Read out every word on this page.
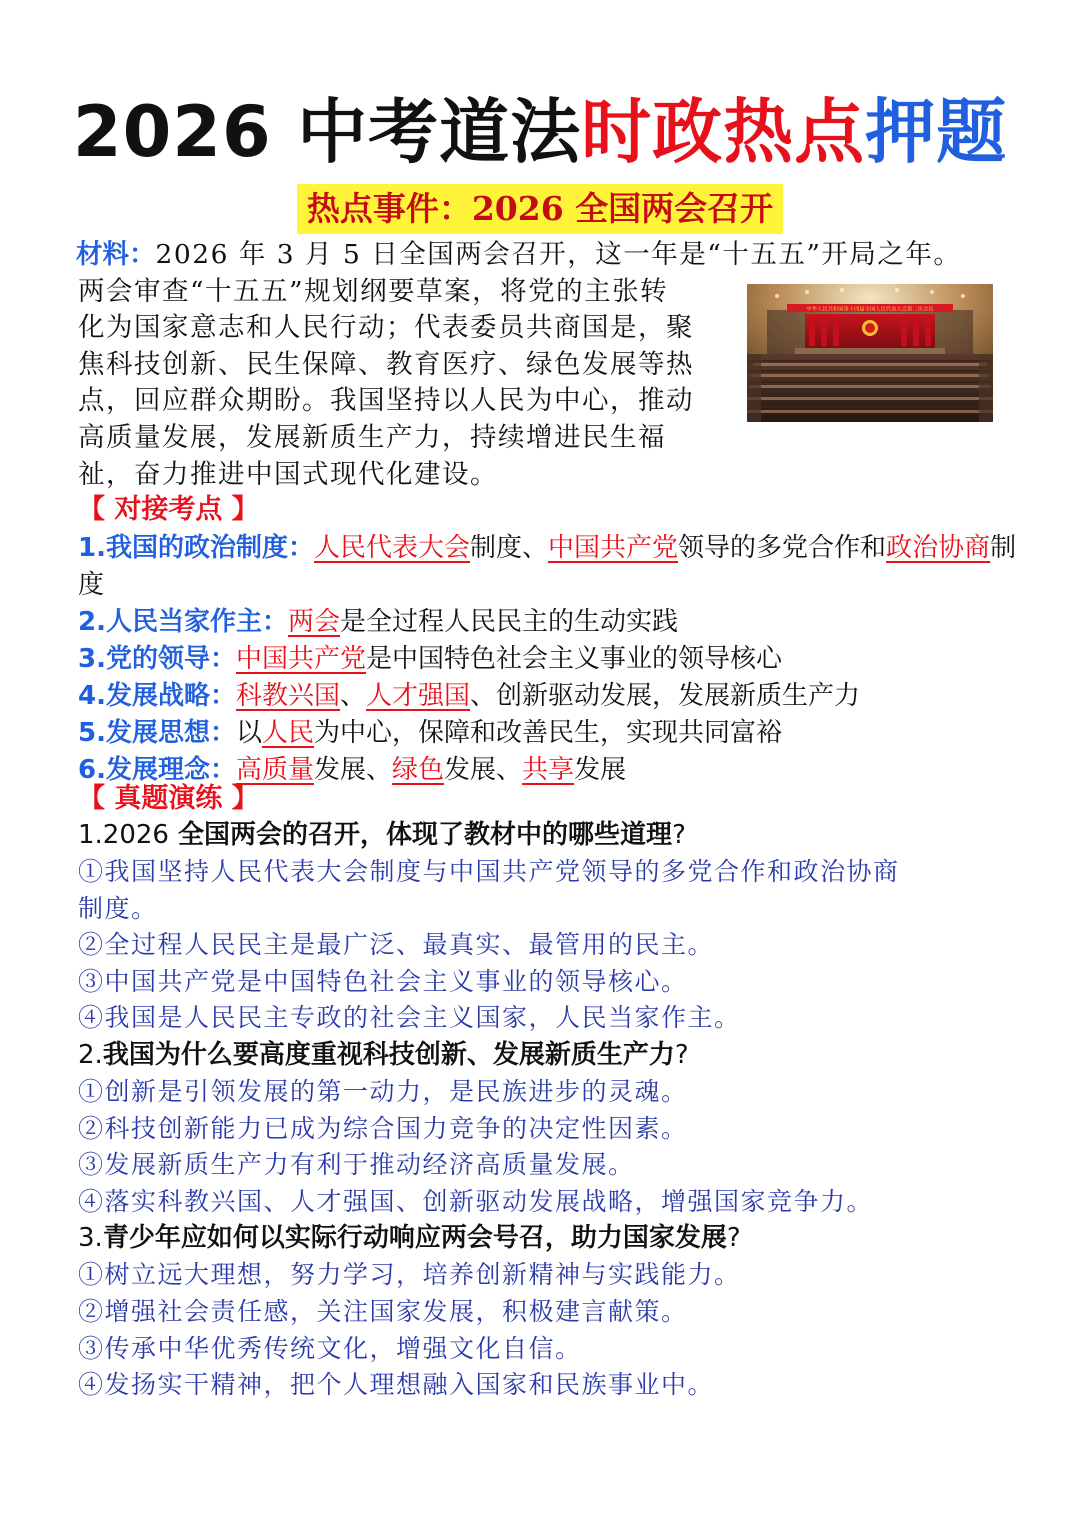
2026 中考道法时政热点押题
热点事件：2026 全国两会召开
材料：2026 年 3 月 5 日全国两会召开，这一年是“十五五”开局之年。
两会审查“十五五”规划纲要草案，将党的主张转
化为国家意志和人民行动；代表委员共商国是，聚
焦科技创新、民生保障、教育医疗、绿色发展等热
点，回应群众期盼。我国坚持以人民为中心，推动
高质量发展，发展新质生产力，持续增进民生福
祉，奋力推进中国式现代化建设。
中华人民共和国第十四届全国人民代表大会第二次会议
【 对接考点 】
1.我国的政治制度：人民代表大会制度、中国共产党领导的多党合作和政治协商制度
2.人民当家作主：两会是全过程人民民主的生动实践
3.党的领导：中国共产党是中国特色社会主义事业的领导核心
4.发展战略：科教兴国、人才强国、创新驱动发展，发展新质生产力
5.发展思想：以人民为中心，保障和改善民生，实现共同富裕
6.发展理念：高质量发展、绿色发展、共享发展
【 真题演练 】
1.2026 全国两会的召开，体现了教材中的哪些道理?
①我国坚持人民代表大会制度与中国共产党领导的多党合作和政治协商
制度。
②全过程人民民主是最广泛、最真实、最管用的民主。
③中国共产党是中国特色社会主义事业的领导核心。
④我国是人民民主专政的社会主义国家，人民当家作主。
2.我国为什么要高度重视科技创新、发展新质生产力?
①创新是引领发展的第一动力，是民族进步的灵魂。
②科技创新能力已成为综合国力竞争的决定性因素。
③发展新质生产力有利于推动经济高质量发展。
④落实科教兴国、人才强国、创新驱动发展战略，增强国家竞争力。
3.青少年应如何以实际行动响应两会号召，助力国家发展?
①树立远大理想，努力学习，培养创新精神与实践能力。
②增强社会责任感，关注国家发展，积极建言献策。
③传承中华优秀传统文化，增强文化自信。
④发扬实干精神，把个人理想融入国家和民族事业中。
